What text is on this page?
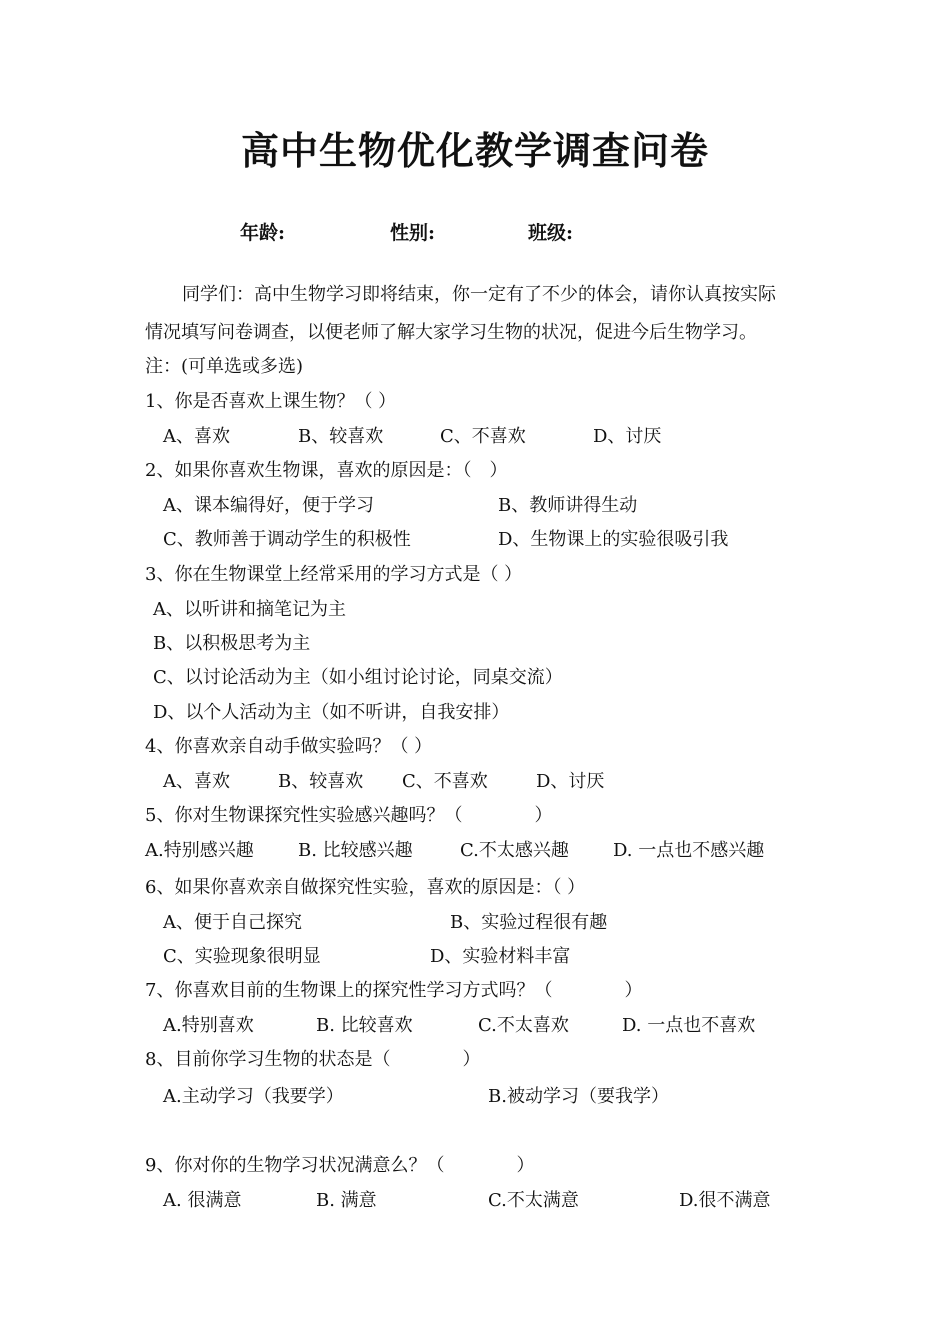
高中生物优化教学调查问卷
年龄:	性别:	班级:
同学们：高中生物学习即将结束，你一定有了不少的体会，请你认真按实际
情况填写问卷调查，以便老师了解大家学习生物的状况，促进今后生物学习。
注：(可单选或多选)
1、你是否喜欢上课生物？（ ）
A、喜欢	B、较喜欢	C、不喜欢	D、讨厌
2、如果你喜欢生物课，喜欢的原因是：（　）
A、课本编得好，便于学习	B、教师讲得生动
C、教师善于调动学生的积极性	D、生物课上的实验很吸引我
3、你在生物课堂上经常采用的学习方式是（ ）
A、以听讲和摘笔记为主
B、以积极思考为主
C、以讨论活动为主（如小组讨论讨论，同桌交流）
D、以个人活动为主（如不听讲，自我安排）
4、你喜欢亲自动手做实验吗？（ ）
A、喜欢	B、较喜欢 C、不喜欢	D、讨厌
5、你对生物课探究性实验感兴趣吗？（　　　　）
A.特别感兴趣 B. 比较感兴趣	C.不太感兴趣 D. 一点也不感兴趣
6、如果你喜欢亲自做探究性实验，喜欢的原因是：（ ）
A、便于自己探究	B、实验过程很有趣
C、实验现象很明显	D、实验材料丰富
7、你喜欢目前的生物课上的探究性学习方式吗？（　　　　）
A.特别喜欢	B. 比较喜欢	C.不太喜欢	D. 一点也不喜欢
8、目前你学习生物的状态是（　　　　）
A.主动学习（我要学）	B.被动学习（要我学）
9、你对你的生物学习状况满意么？（　　　　）
A. 很满意	B. 满意	C.不太满意	D.很不满意
